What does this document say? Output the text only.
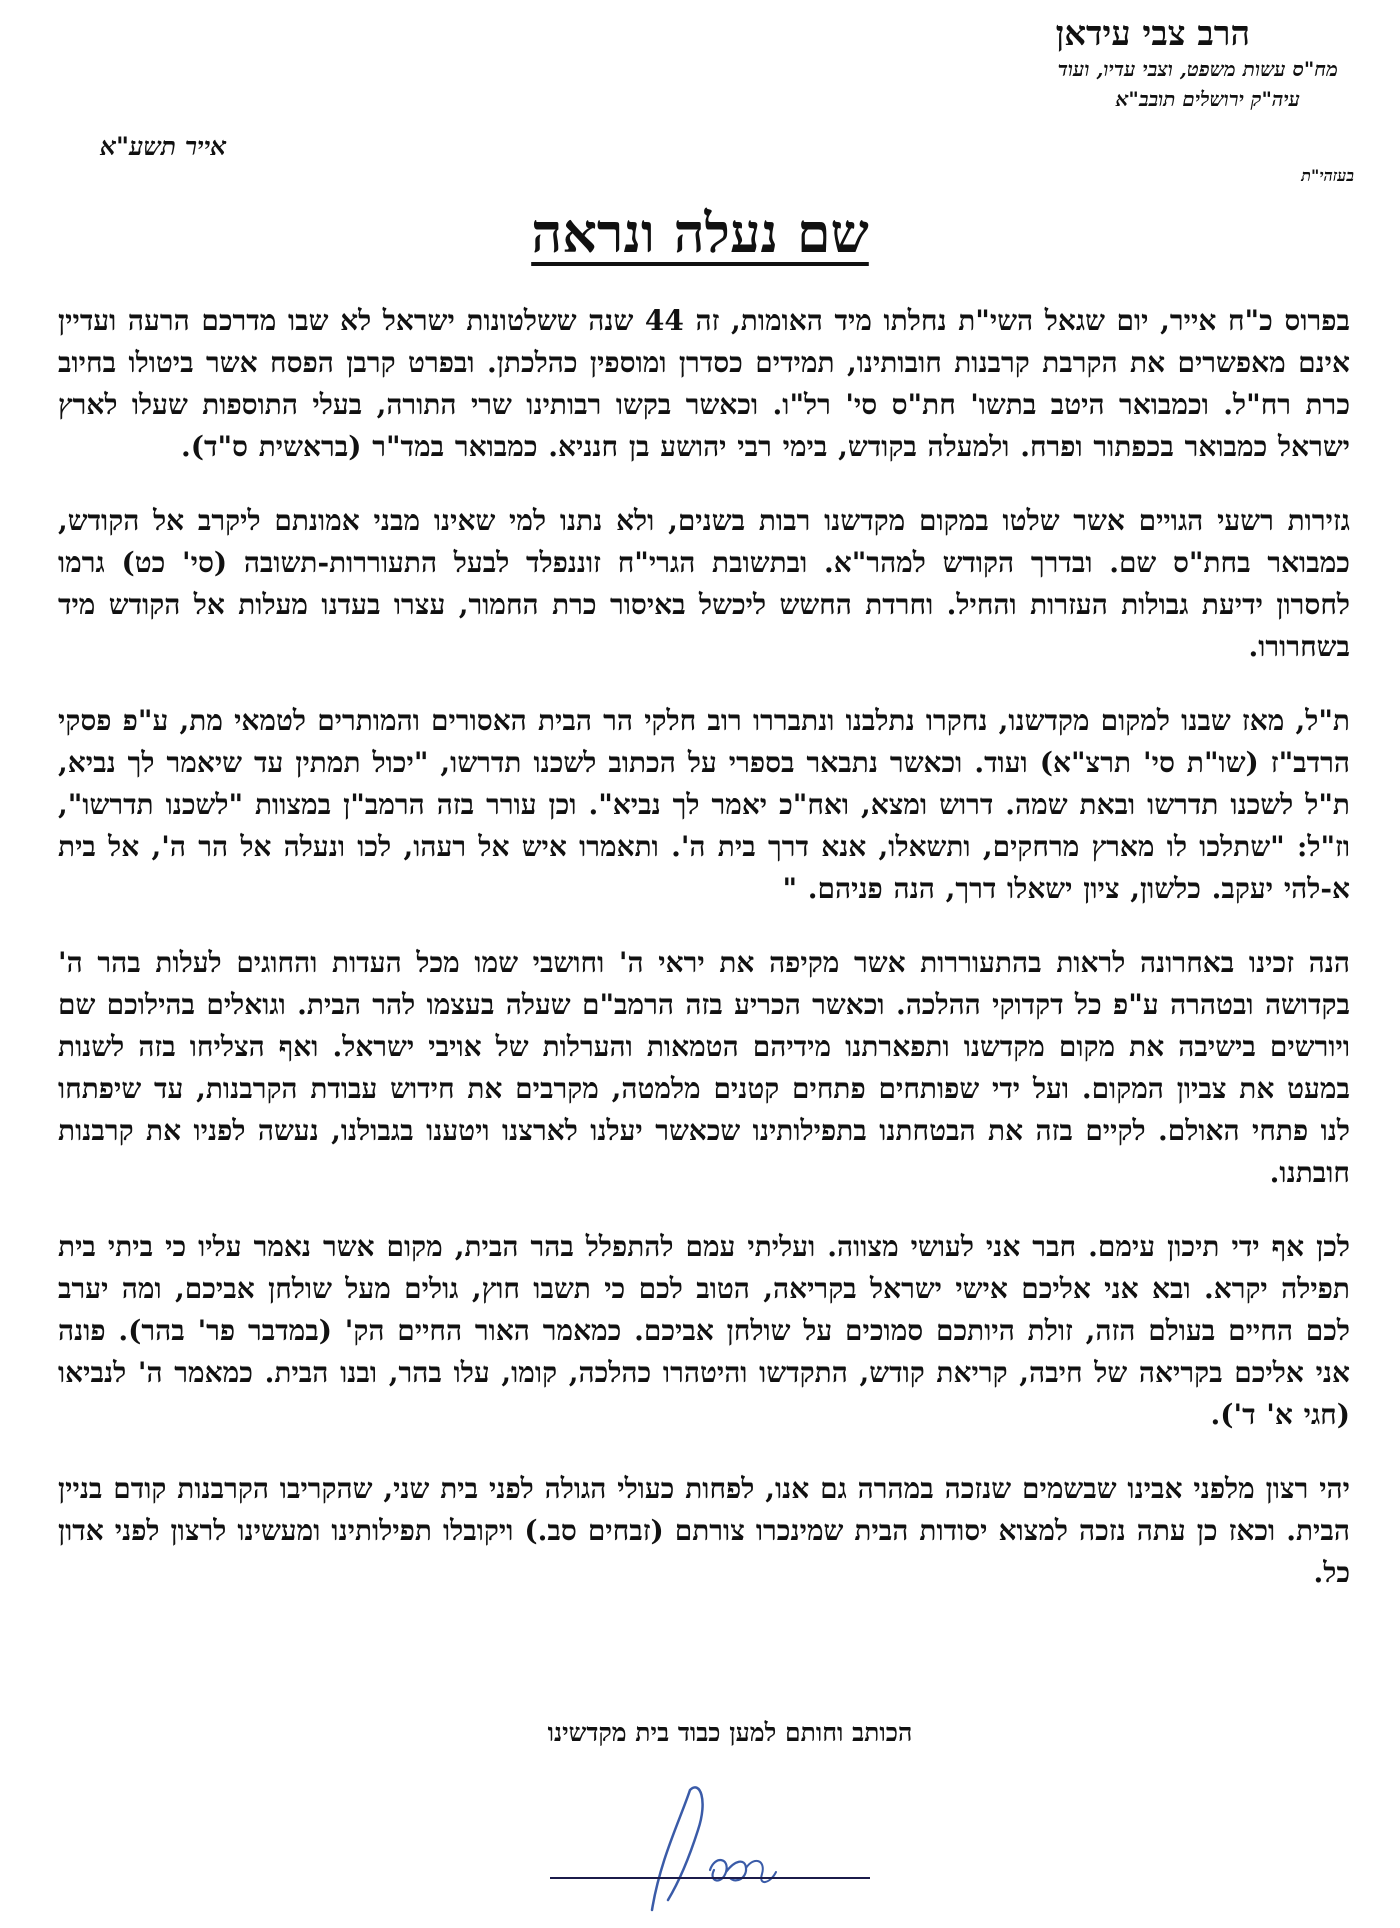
הרב צבי עידאן
מח"ס עשות משפט, וצבי עדיו, ועוד
עיה"ק ירושלים תובב"א
אייר תשע"א
בעזהי"ת
שם נעלה ונראה

בפרוס כ"ח אייר, יום שגאל השי"ת נחלתו מיד האומות, זה 44 שנה ששלטונות ישראל לא שבו מדרכם הרעה ועדיין אינם מאפשרים את הקרבת קרבנות חובותינו, תמידים כסדרן ומוספין כהלכתן. ובפרט קרבן הפסח אשר ביטולו בחיוב כרת רח"ל. וכמבואר היטב בתשו' חת"ס סי' רל"ו. וכאשר בקשו רבותינו שרי התורה, בעלי התוספות שעלו לארץ ישראל כמבואר בכפתור ופרח. ולמעלה בקודש, בימי רבי יהושע בן חנניא. כמבואר במד"ר (בראשית ס"ד).

גזירות רשעי הגויים אשר שלטו במקום מקדשנו רבות בשנים, ולא נתנו למי שאינו מבני אמונתם ליקרב אל הקודש, כמבואר בחת"ס שם. ובדרך הקודש למהר"א. ובתשובת הגרי"ח זוננפלד לבעל התעוררות-תשובה (סי' כט) גרמו לחסרון ידיעת גבולות העזרות והחיל. וחרדת החשש ליכשל באיסור כרת החמור, עצרו בעדנו מעלות אל הקודש מיד בשחרורו.

ת"ל, מאז שבנו למקום מקדשנו, נחקרו נתלבנו ונתבררו רוב חלקי הר הבית האסורים והמותרים לטמאי מת, ע"פ פסקי הרדב"ז (שו"ת סי' תרצ"א) ועוד. וכאשר נתבאר בספרי על הכתוב לשכנו תדרשו, "יכול תמתין עד שיאמר לך נביא, ת"ל לשכנו תדרשו ובאת שמה. דרוש ומצא, ואח"כ יאמר לך נביא". וכן עורר בזה הרמב"ן במצוות "לשכנו תדרשו", וז"ל: "שתלכו לו מארץ מרחקים, ותשאלו, אנא דרך בית ה'. ותאמרו איש אל רעהו, לכו ונעלה אל הר ה', אל בית א-להי יעקב. כלשון, ציון ישאלו דרך, הנה פניהם. "

הנה זכינו באחרונה לראות בהתעוררות אשר מקיפה את יראי ה' וחושבי שמו מכל העדות והחוגים לעלות בהר ה' בקדושה ובטהרה ע"פ כל דקדוקי ההלכה. וכאשר הכריע בזה הרמב"ם שעלה בעצמו להר הבית. וגואלים בהילוכם שם ויורשים בישיבה את מקום מקדשנו ותפארתנו מידיהם הטמאות והערלות של אויבי ישראל. ואף הצליחו בזה לשנות במעט את צביון המקום. ועל ידי שפותחים פתחים קטנים מלמטה, מקרבים את חידוש עבודת הקרבנות, עד שיפתחו לנו פתחי האולם. לקיים בזה את הבטחתנו בתפילותינו שכאשר יעלנו לארצנו ויטענו בגבולנו, נעשה לפניו את קרבנות חובתנו.

לכן אף ידי תיכון עימם. חבר אני לעושי מצווה. ועליתי עמם להתפלל בהר הבית, מקום אשר נאמר עליו כי ביתי בית תפילה יקרא. ובא אני אליכם אישי ישראל בקריאה, הטוב לכם כי תשבו חוץ, גולים מעל שולחן אביכם, ומה יערב לכם החיים בעולם הזה, זולת היותכם סמוכים על שולחן אביכם. כמאמר האור החיים הק' (במדבר פר' בהר). פונה אני אליכם בקריאה של חיבה, קריאת קודש, התקדשו והיטהרו כהלכה, קומו, עלו בהר, ובנו הבית. כמאמר ה' לנביאו (חגי א' ד').

יהי רצון מלפני אבינו שבשמים שנזכה במהרה גם אנו, לפחות כעולי הגולה לפני בית שני, שהקריבו הקרבנות קודם בניין הבית. וכאז כן עתה נזכה למצוא יסודות הבית שמינכרו צורתם (זבחים סב.) ויקובלו תפילותינו ומעשינו לרצון לפני אדון כל.

הכותב וחותם למען כבוד בית מקדשינו
